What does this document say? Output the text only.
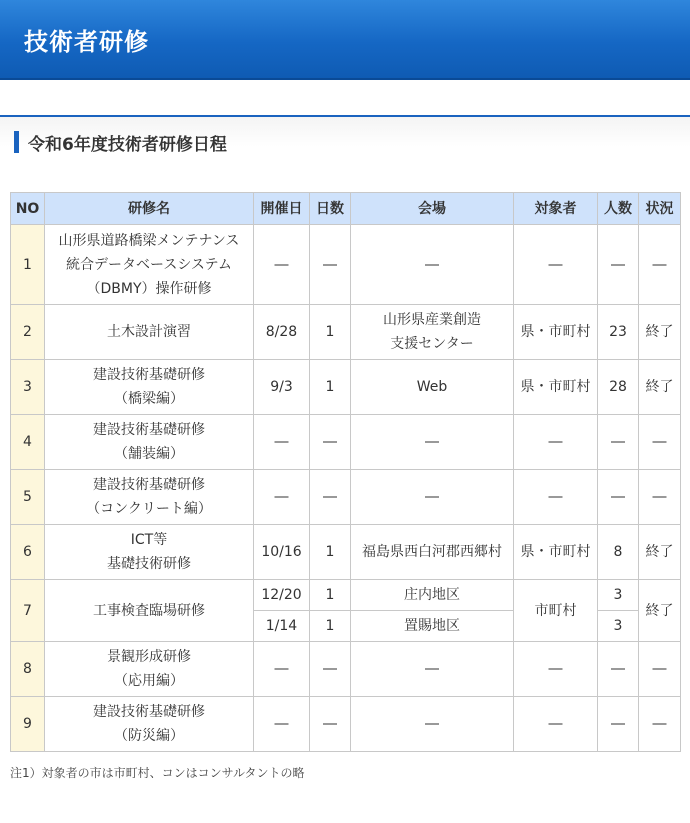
技術者研修
令和6年度技術者研修日程
NO	研修名	開催日	日数	会場	対象者	人数	状況
1	山形県道路橋梁メンテナンス
統合データベースシステム
（DBMY）操作研修	―	―	―	―	―	―
2	土木設計演習	8/28	1	山形県産業創造
支援センター	県・市町村	23	終了
3	建設技術基礎研修
（橋梁編）	9/3	1	Web	県・市町村	28	終了
4	建設技術基礎研修
（舗装編）	―	―	―	―	―	―
5	建設技術基礎研修
（コンクリート編）	―	―	―	―	―	―
6	ICT等
基礎技術研修	10/16	1	福島県西白河郡西郷村	県・市町村	8	終了
7	工事検査臨場研修	12/20	1	庄内地区	市町村	3	終了
		1/14	1	置賜地区		3	
8	景観形成研修
（応用編）	―	―	―	―	―	―
9	建設技術基礎研修
（防災編）	―	―	―	―	―	―

注1）対象者の市は市町村、コンはコンサルタントの略
